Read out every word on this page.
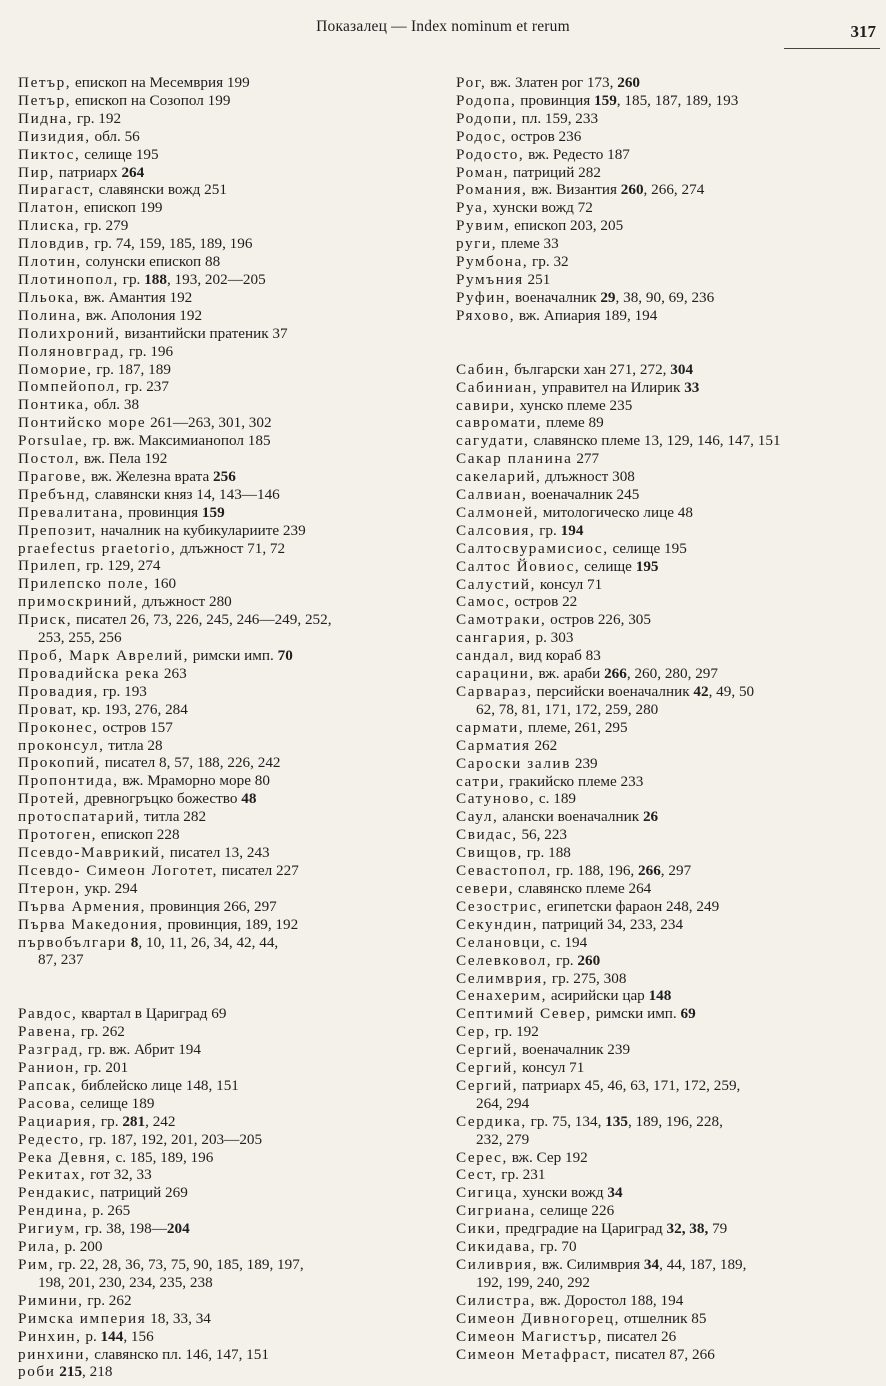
Показалец — Index nominum et rerum	317
Петър, епископ на Месемврия 199
Петър, епископ на Созопол 199
Пидна, гр. 192
Пизидия, обл. 56
Пиктос, селище 195
Пир, патриарх 264
Пирагаст, славянски вожд 251
Платон, епископ 199
Плиска, гр. 279
Пловдив, гр. 74, 159, 185, 189, 196
Плотин, солунски епископ 88
Плотинопол, гр. 188, 193, 202—205
Пльока, вж. Амантия 192
Полина, вж. Аполония 192
Полихроний, византийски пратеник 37
Поляновград, гр. 196
Поморие, гр. 187, 189
Помпейопол, гр. 237
Понтика, обл. 38
Понтийско море 261—263, 301, 302
Porsulae, гр. вж. Максимианопол 185
Постол, вж. Пела 192
Прагове, вж. Железна врата 256
Пребънд, славянски княз 14, 143—146
Превалитана, провинция 159
Препозит, началник на кубикулариите 239
praefectus praetorio, длъжност 71, 72
Прилеп, гр. 129, 274
Прилепско поле, 160
примоскриний, длъжност 280
Приск, писател 26, 73, 226, 245, 246—249, 252,
253, 255, 256
Проб, Марк Аврелий, римски имп. 70
Провадийска река 263
Провадия, гр. 193
Проват, кр. 193, 276, 284
Проконес, остров 157
проконсул, титла 28
Прокопий, писател 8, 57, 188, 226, 242
Пропонтида, вж. Мраморно море 80
Протей, древногръцко божество 48
протоспатарий, титла 282
Протоген, епископ 228
Псевдо-Маврикий, писател 13, 243
Псевдо- Симеон Логотет, писател 227
Птерон, укр. 294
Първа Армения, провинция 266, 297
Първа Македония, провинция, 189, 192
първобългари 8, 10, 11, 26, 34, 42, 44,
87, 237
Равдос, квартал в Цариград 69
Равена, гр. 262
Разград, гр. вж. Абрит 194
Ранион, гр. 201
Рапсак, библейско лице 148, 151
Расова, селище 189
Рациария, гр. 281, 242
Редесто, гр. 187, 192, 201, 203—205
Река Девня, с. 185, 189, 196
Рекитах, гот 32, 33
Рендакис, патриций 269
Рендина, р. 265
Ригиум, гр. 38, 198—204
Рила, р. 200
Рим, гр. 22, 28, 36, 73, 75, 90, 185, 189, 197,
198, 201, 230, 234, 235, 238
Римини, гр. 262
Римска империя 18, 33, 34
Ринхин, р. 144, 156
ринхини, славянско пл. 146, 147, 151
роби 215, 218
Рог, вж. Златен рог 173, 260
Родопа, провинция 159, 185, 187, 189, 193
Родопи, пл. 159, 233
Родос, остров 236
Родосто, вж. Редесто 187
Роман, патриций 282
Романия, вж. Византия 260, 266, 274
Руа, хунски вожд 72
Рувим, епископ 203, 205
руги, племе 33
Румбона, гр. 32
Румъния 251
Руфин, военачалник 29, 38, 90, 69, 236
Ряхово, вж. Апиария 189, 194
Сабин, български хан 271, 272, 304
Сабиниан, управител на Илирик 33
савири, хунско племе 235
савромати, племе 89
сагудати, славянско племе 13, 129, 146, 147, 151
Сакар планина 277
сакеларий, длъжност 308
Салвиан, военачалник 245
Салмоней, митологическо лице 48
Салсовия, гр. 194
Салтосвурамисиос, селище 195
Салтос Йовиос, селище 195
Салустий, консул 71
Самос, остров 22
Самотраки, остров 226, 305
сангария, р. 303
сандал, вид кораб 83
сарацини, вж. араби 266, 260, 280, 297
Сарвараз, персийски военачалник 42, 49, 50
62, 78, 81, 171, 172, 259, 280
сармати, племе, 261, 295
Сарматия 262
Сароски залив 239
сатри, гракийско племе 233
Сатуново, с. 189
Саул, алански военачалник 26
Свидас, 56, 223
Свищов, гр. 188
Севастопол, гр. 188, 196, 266, 297
севери, славянско племе 264
Сезострис, египетски фараон 248, 249
Секундин, патриций 34, 233, 234
Селановци, с. 194
Селевковол, гр. 260
Селимврия, гр. 275, 308
Сенахерим, асирийски цар 148
Септимий Север, римски имп. 69
Сер, гр. 192
Сергий, военачалник 239
Сергий, консул 71
Сергий, патриарх 45, 46, 63, 171, 172, 259,
264, 294
Сердика, гр. 75, 134, 135, 189, 196, 228,
232, 279
Серес, вж. Сер 192
Сест, гр. 231
Сигица, хунски вожд 34
Сигриана, селище 226
Сики, предградие на Цариград 32, 38, 79
Сикидава, гр. 70
Силиврия, вж. Силимврия 34, 44, 187, 189,
192, 199, 240, 292
Силистра, вж. Доростол 188, 194
Симеон Дивногорец, отшелник 85
Симеон Магистър, писател 26
Симеон Метафраст, писател 87, 266
